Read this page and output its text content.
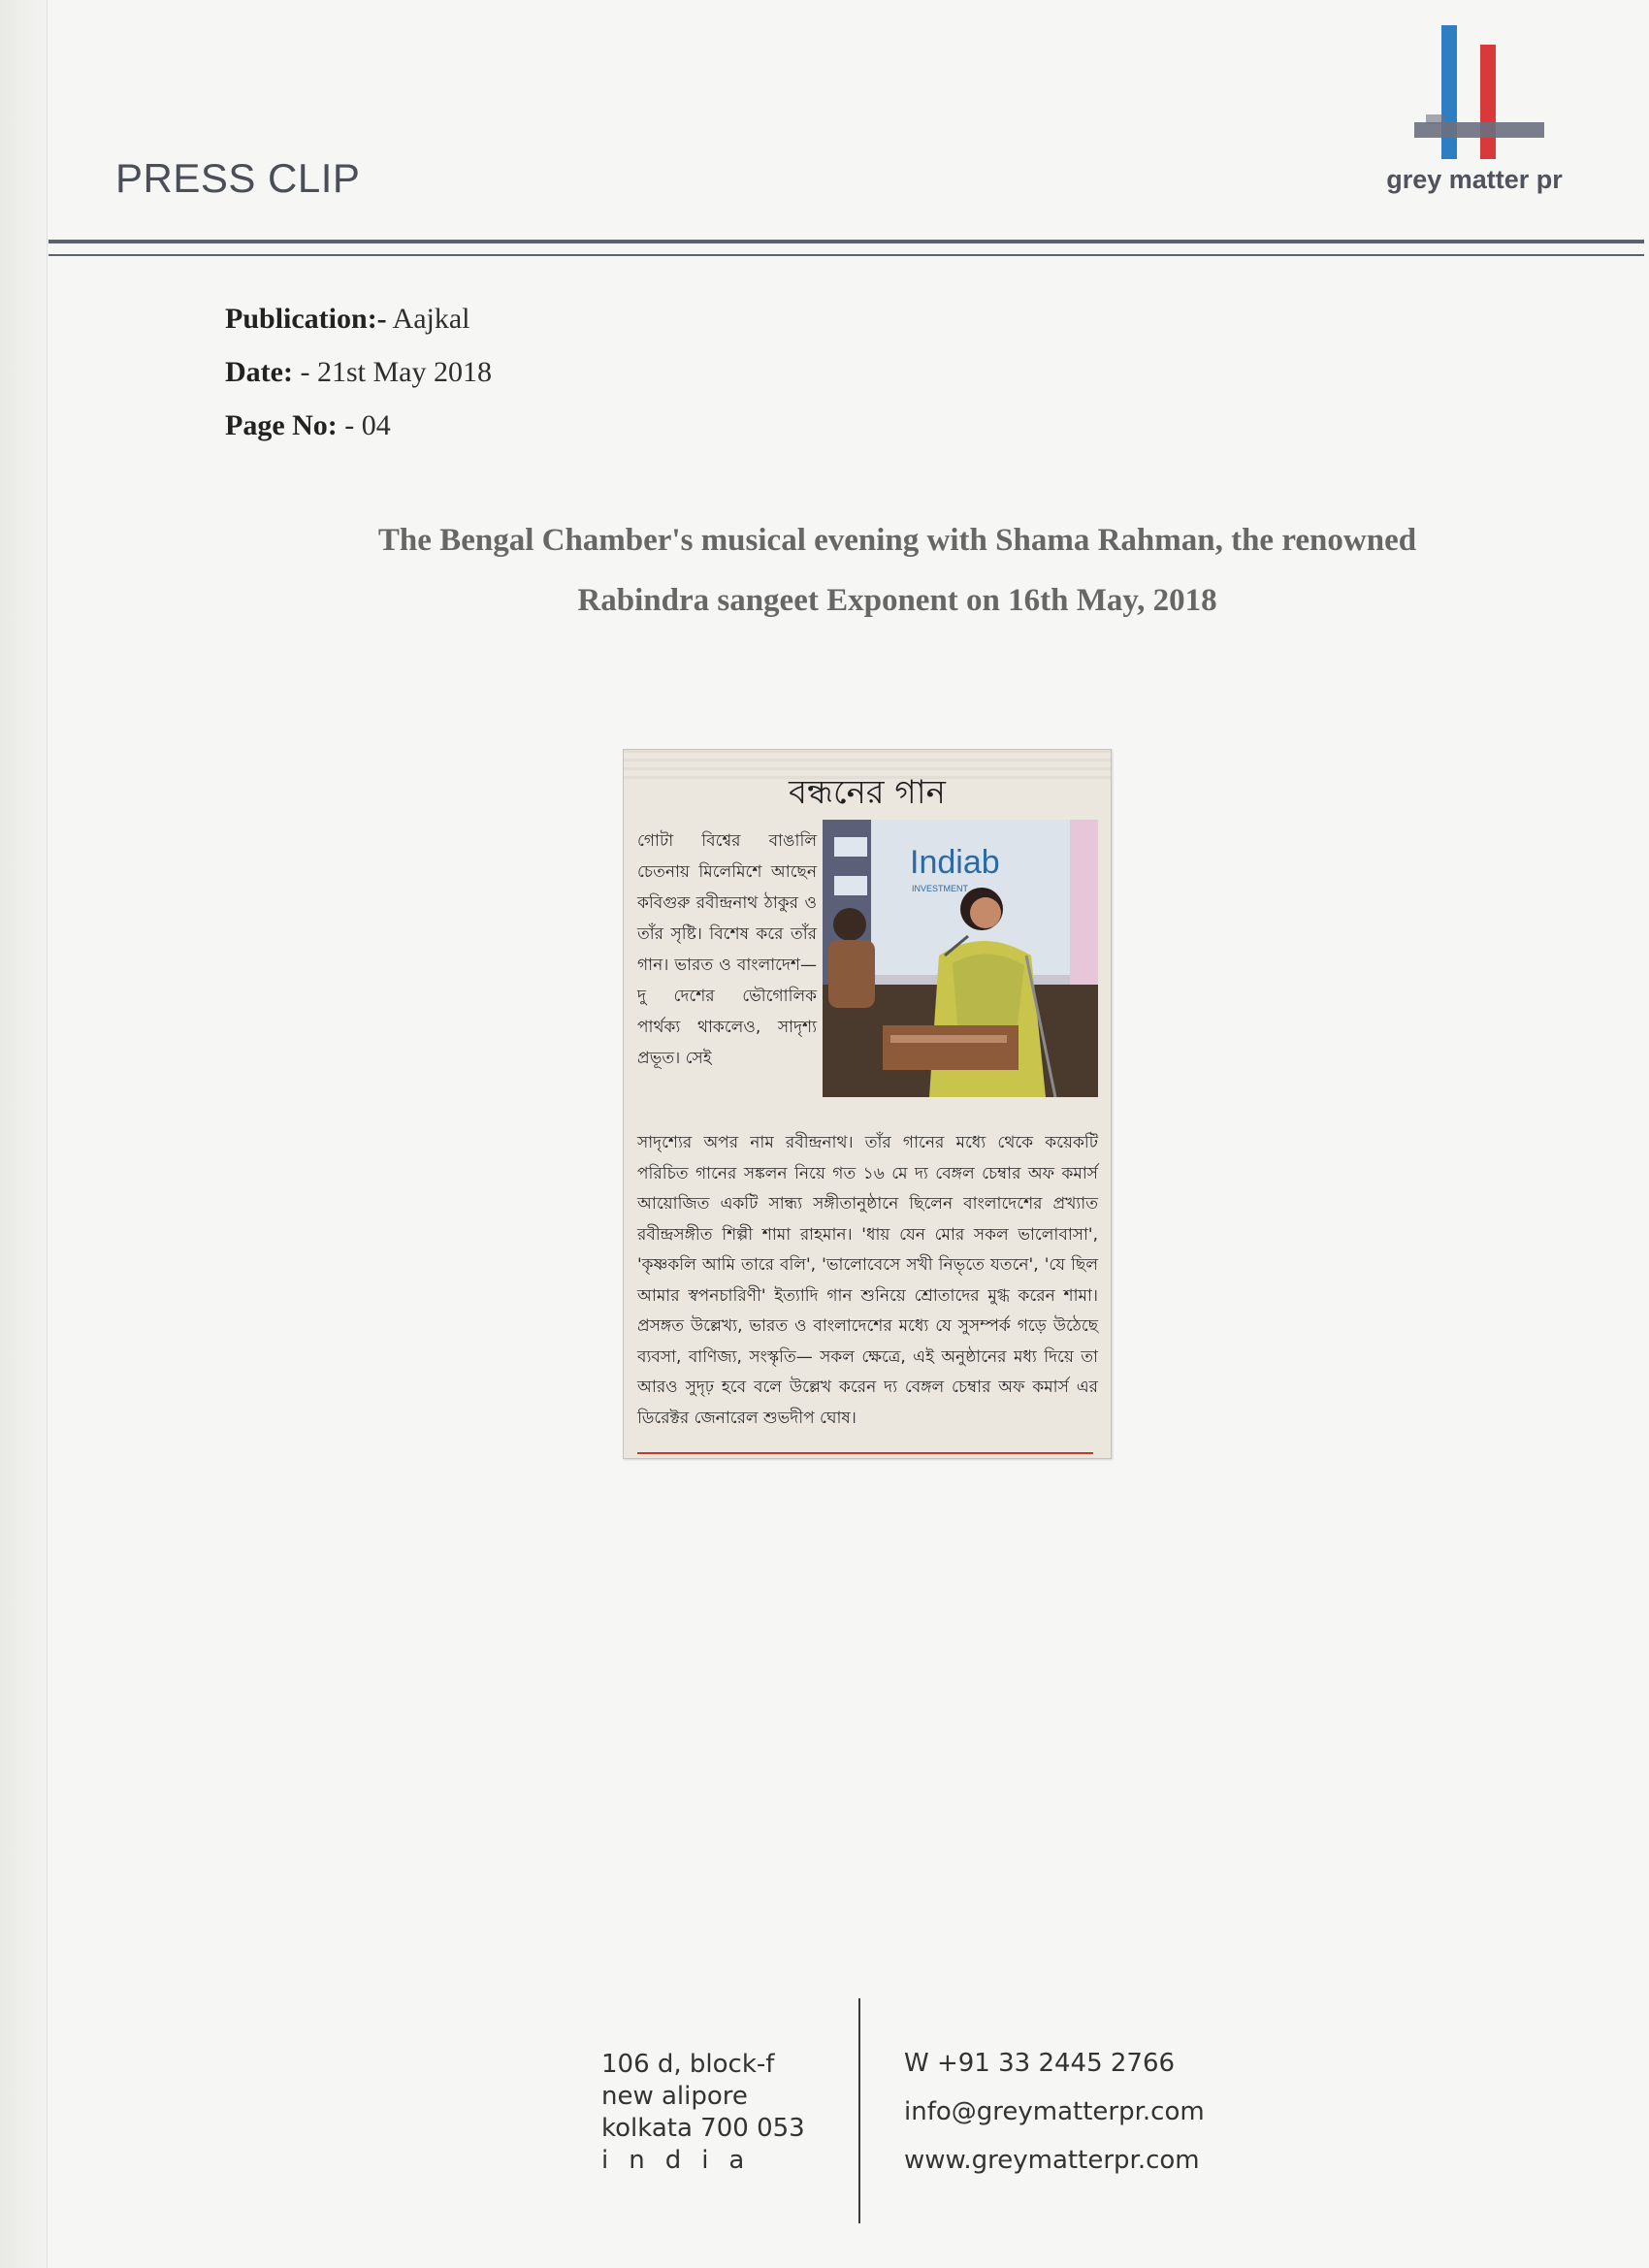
PRESS CLIP	grey matter pr
Publication:- Aajkal
Date: - 21st May 2018
Page No: - 04
The Bengal Chamber's musical evening with Shama Rahman, the renowned
Rabindra sangeet Exponent on 16th May, 2018
বন্ধনের গান
গোটা বিশ্বের বাঙালি চেতনায় মিলেমিশে আছেন কবিগুরু রবীন্দ্রনাথ ঠাকুর ও তাঁর সৃষ্টি। বিশেষ করে তাঁর গান। ভারত ও বাংলাদেশ— দু দেশের ভৌগোলিক পার্থক্য থাকলেও, সাদৃশ্য প্রভূত। সেই
Indiab
INVESTMENT
সাদৃশ্যের অপর নাম রবীন্দ্রনাথ। তাঁর গানের মধ্যে থেকে কয়েকটি পরিচিত গানের সঙ্কলন নিয়ে গত ১৬ মে দ্য বেঙ্গল চেম্বার অফ কমার্স আয়োজিত একটি সান্ধ্য সঙ্গীতানুষ্ঠানে ছিলেন বাংলাদেশের প্রখ্যাত রবীন্দ্রসঙ্গীত শিল্পী শামা রাহমান। 'ধায় যেন মোর সকল ভালোবাসা', 'কৃষ্ণকলি আমি তারে বলি', 'ভালোবেসে সখী নিভৃতে যতনে', 'যে ছিল আমার স্বপনচারিণী' ইত্যাদি গান শুনিয়ে শ্রোতাদের মুগ্ধ করেন শামা। প্রসঙ্গত উল্লেখ্য, ভারত ও বাংলাদেশের মধ্যে যে সুসম্পর্ক গড়ে উঠেছে ব্যবসা, বাণিজ্য, সংস্কৃতি— সকল ক্ষেত্রে, এই অনুষ্ঠানের মধ্য দিয়ে তা আরও সুদৃঢ় হবে বলে উল্লেখ করেন দ্য বেঙ্গল চেম্বার অফ কমার্স এর ডিরেক্টর জেনারেল শুভদীপ ঘোষ।
106 d, block-f
new alipore
kolkata 700 053
india
W +91 33 2445 2766
info@greymatterpr.com
www.greymatterpr.com
